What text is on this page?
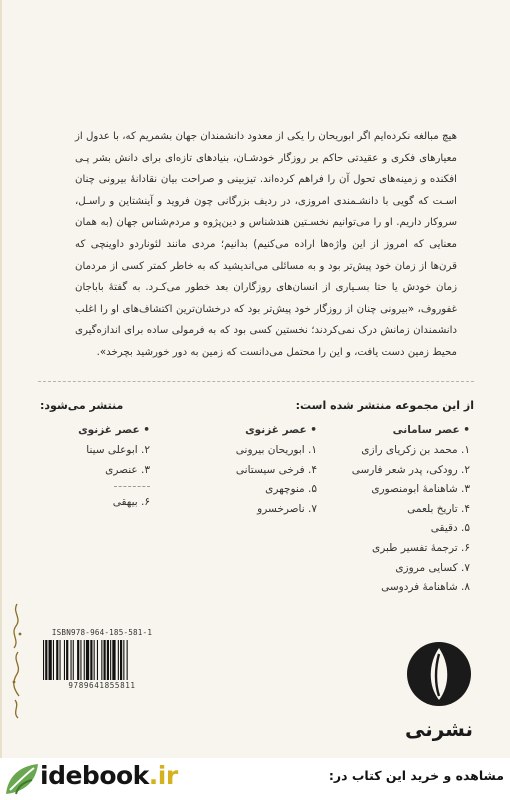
هیچ مبالغه نکرده‌ایم اگر ابوریحان را یکی از معدود دانشمندان جهان بشمریم که، با عدول از معیارهای فکری و عقیدتی حاکم بر روزگار خودشـان، بنیادهای تازه‌ای برای دانش بشر پـی افکنده و زمینه‌های تحول آن را فراهم کرده‌اند. تیزبینی و صراحت بیان نقادانهٔ بیرونی چنان اسـت که گویی با دانشـمندی امروزی، در ردیف بزرگانی چون فروید و آینشتاین و راسـل، سروکار داریم. او را می‌توانیم نخسـتین هندشناس و دین‌پژوه و مردم‌شناس جهان (به همان معنایی که امروز از این واژه‌ها اراده می‌کنیم) بدانیم؛ مردی مانند لئوناردو داوینچی که قرن‌ها از زمان خود پیش‌تر بود و به مسائلی می‌اندیشید که به خاطر کمتر کسی از مردمان زمان خودش یا حتا بسـیاری از انسان‌های روزگاران بعد خطور می‌کـرد. به گفتهٔ باباجان غفوروف، «بیرونی چنان از روزگار خود پیش‌تر بود که درخشان‌ترین اکتشاف‌های او را اغلب دانشمندان زمانش درک نمی‌کردند؛ نخستین کسی بود که به فرمولی ساده برای اندازه‌گیری محیط زمین دست یافت، و این را محتمل می‌دانست که زمین به دور خورشید بچرخد».

از این مجموعه منتشر شده است:
منتشر می‌شود:
• عصر سامانی
۱. محمد بن زکریای رازی
۲. رودکی، پدر شعر فارسی
۳. شاهنامهٔ ابومنصوری
۴. تاریخ بلعمی
۵. دقیقی
۶. ترجمهٔ تفسیر طبری
۷. کسایی مروزی
۸. شاهنامهٔ فردوسی
• عصر غزنوی
۱. ابوریحان بیرونی
۴. فرخی سیستانی
۵. منوچهری
۷. ناصرخسرو
• عصر غزنوی
۲. ابوعلی سینا
۳. عنصری
۶. بیهقی
ISBN978-964-185-581-1
9789641855811
نشرنی
idebook.ir	مشاهده و خرید این کتاب در:
